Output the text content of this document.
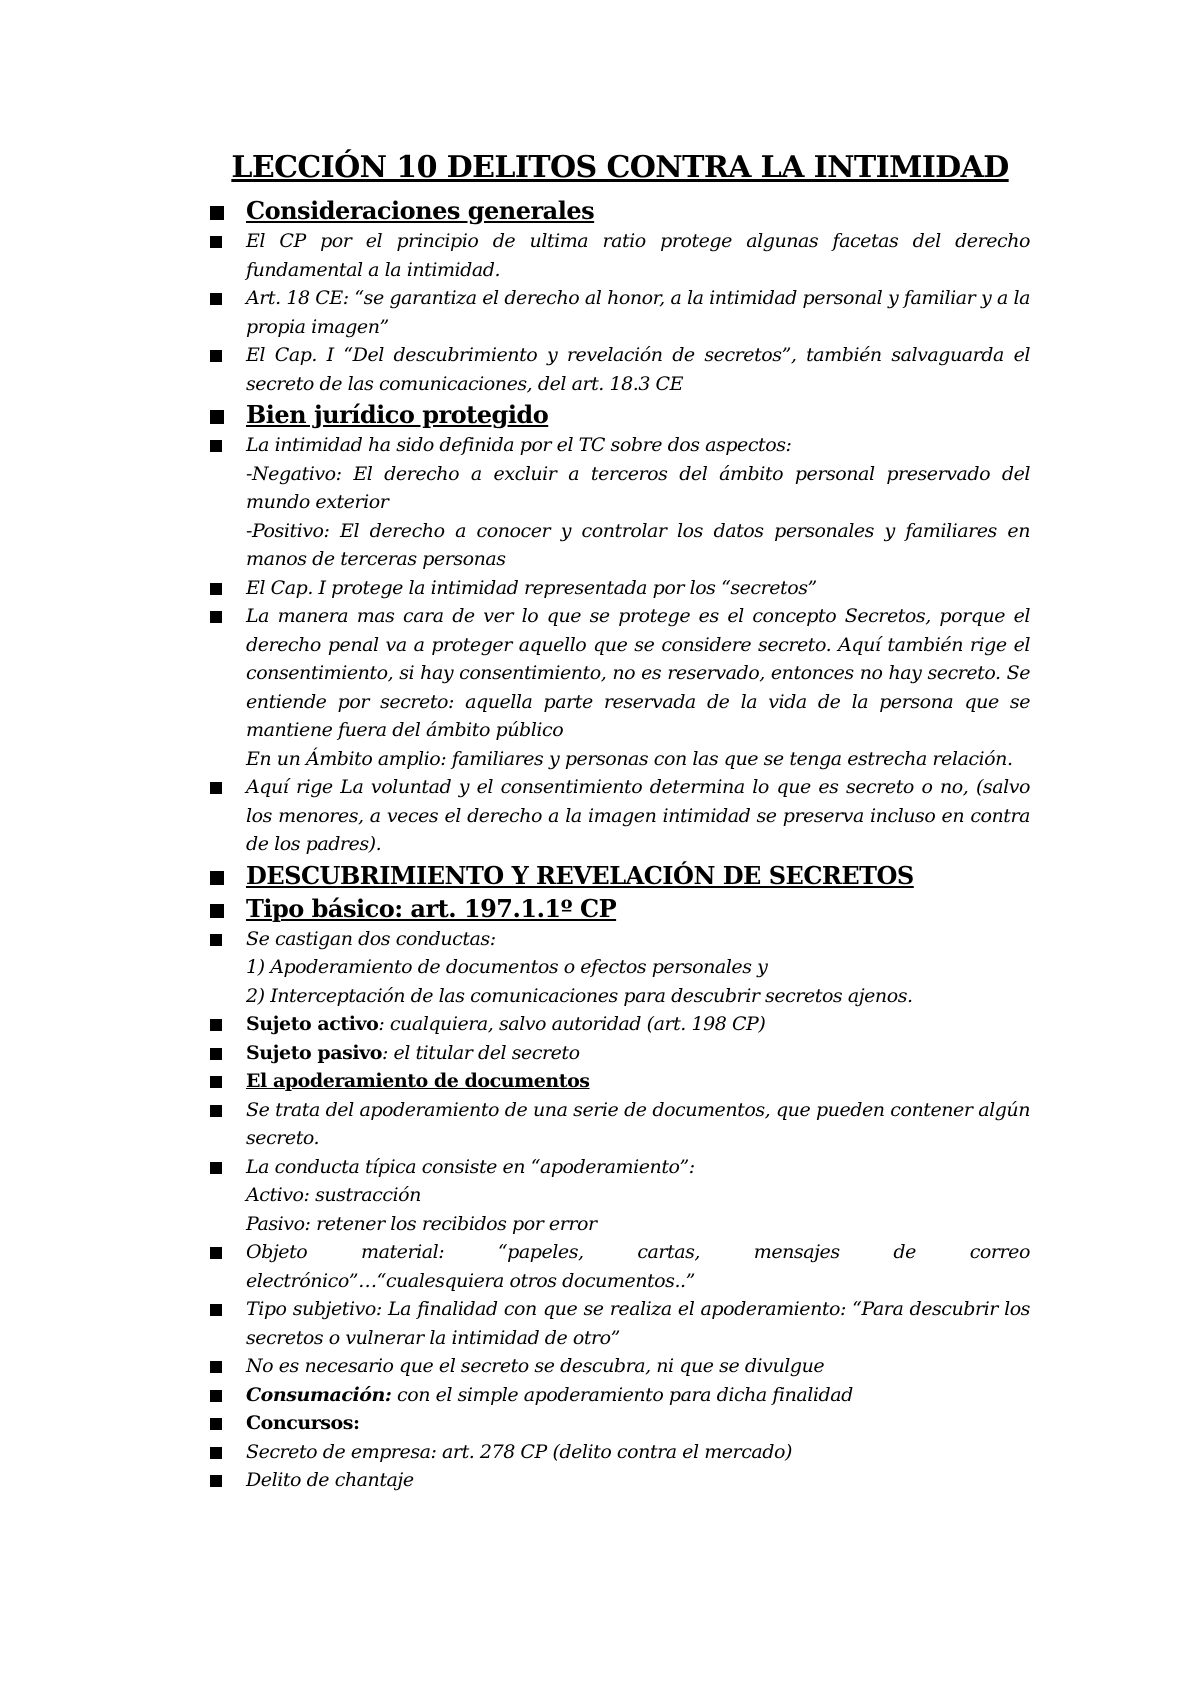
LECCIÓN 10 DELITOS CONTRA LA INTIMIDAD
Consideraciones generales
El CP por el principio de ultima ratio protege algunas facetas del derecho fundamental a la intimidad.
Art. 18 CE: “se garantiza el derecho al honor, a la intimidad personal y familiar y a la propia imagen”
El Cap. I “Del descubrimiento y revelación de secretos”, también salvaguarda el secreto de las comunicaciones, del art. 18.3 CE
Bien jurídico protegido

La intimidad ha sido definida por el TC sobre dos aspectos:

-Negativo: El derecho a excluir a terceros del ámbito personal preservado del mundo exterior

-Positivo: El derecho a conocer y controlar los datos personales y familiares en manos de terceras personas

El Cap. I protege la intimidad representada por los “secretos”

La manera mas cara de ver lo que se protege es el concepto Secretos, porque el derecho penal va a proteger aquello que se considere secreto. Aquí también rige el consentimiento, si hay consentimiento, no es reservado, entonces no hay secreto. Se entiende por secreto: aquella parte reservada de la vida de la persona que se mantiene fuera del ámbito público

En un Ámbito amplio: familiares y personas con las que se tenga estrecha relación.

Aquí rige La voluntad y el consentimiento determina lo que es secreto o no, (salvo los menores, a veces el derecho a la imagen intimidad se preserva incluso en contra de los padres).
DESCUBRIMIENTO Y REVELACIÓN DE SECRETOS
Tipo básico: art. 197.1.1º CP

Se castigan dos conductas:

1) Apoderamiento de documentos o efectos personales y

2) Interceptación de las comunicaciones para descubrir secretos ajenos.

Sujeto activo: cualquiera, salvo autoridad (art. 198 CP)
Sujeto pasivo: el titular del secreto
El apoderamiento de documentos
Se trata del apoderamiento de una serie de documentos, que pueden contener algún secreto.

La conducta típica consiste en “apoderamiento”:

Activo: sustracción

Pasivo: retener los recibidos por error

Objeto	material:	“papeles,	cartas,	mensajes	de	correo

electrónico”…“cualesquiera otros documentos..”

Tipo subjetivo: La finalidad con que se realiza el apoderamiento: “Para descubrir los secretos o vulnerar la intimidad de otro”
No es necesario que el secreto se descubra, ni que se divulgue
Consumación: con el simple apoderamiento para dicha finalidad
Concursos:
Secreto de empresa: art. 278 CP (delito contra el mercado)
Delito de chantaje
